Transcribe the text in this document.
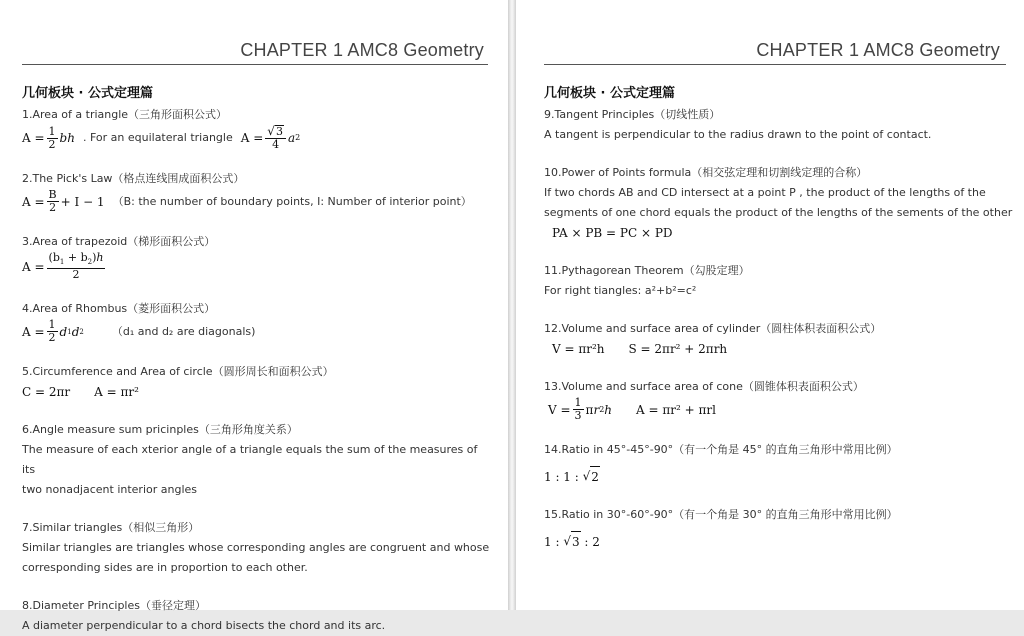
CHAPTER 1 AMC8 Geometry
几何板块 · 公式定理篇
1.Area of a triangle（三角形面积公式）
$A = \frac{1}{2}$ bh . For an equilateral triangle $A = \frac{√ 3}{4}$ a 2
2.The Pick's Law（格点连线围成面积公式）
$A = \frac{B}{2} + I - 1$ （B: the number of boundary points, I: Number of interior point）
3.Area of trapezoid（梯形面积公式）
$A = \frac{(b_1 + b_2)h}{2}$
4.Area of Rhombus（菱形面积公式）
$A = \frac{1}{2}$ d 1 d 2	（d₁ and d₂ are diagonals)
5.Circumference and Area of circle（圆形周长和面积公式）
C = 2πr A = πr²
6.Angle measure sum pricinples（三角形角度关系）
The measure of each xterior angle of a triangle equals the sum of the measures of its
two nonadjacent interior angles
7.Similar triangles（相似三角形）
Similar triangles are triangles whose corresponding angles are congruent and whose
corresponding sides are in proportion to each other.
8.Diameter Principles（垂径定理）
A diameter perpendicular to a chord bisects the chord and its arc.
CHAPTER 1 AMC8 Geometry
几何板块 · 公式定理篇
9.Tangent Principles（切线性质）
A tangent is perpendicular to the radius drawn to the point of contact.
10.Power of Points formula（相交弦定理和切割线定理的合称）
If two chords AB and CD intersect at a point P , the product of the lengths of the
segments of one chord equals the product of the lengths of the sements of the other
PA × PB = PC × PD
11.Pythagorean Theorem（勾股定理）
For right tiangles: a²+b²=c²
12.Volume and surface area of cylinder（圆柱体积表面积公式）
V = πr²h S = 2πr² + 2πrh
13.Volume and surface area of cone（圆锥体积表面积公式）
$V = \frac{1}{3}$ π r 2 h A = πr² + πrl
14.Ratio in 45°-45°-90°（有一个角是 45° 的直角三角形中常用比例）
1 : 1 : √ 2
15.Ratio in 30°-60°-90°（有一个角是 30° 的直角三角形中常用比例）
1 : √ 3 : 2
